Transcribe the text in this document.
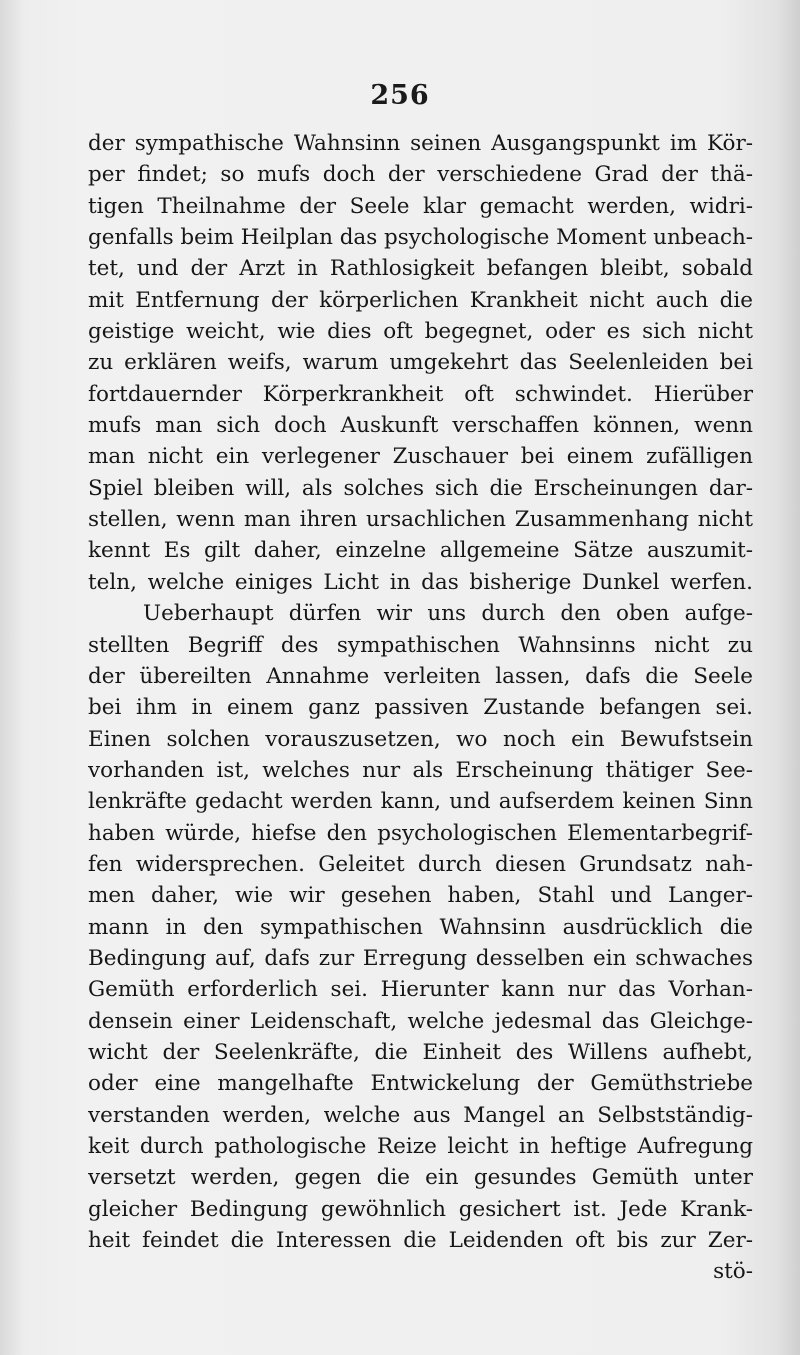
256
der sympathische Wahnsinn seinen Ausgangspunkt im Kör-
per findet; so mufs doch der verschiedene Grad der thä-
tigen Theilnahme der Seele klar gemacht werden, widri-
genfalls beim Heilplan das psychologische Moment unbeach-
tet, und der Arzt in Rathlosigkeit befangen bleibt, sobald
mit Entfernung der körperlichen Krankheit nicht auch die
geistige weicht, wie dies oft begegnet, oder es sich nicht
zu erklären weifs, warum umgekehrt das Seelenleiden bei
fortdauernder Körperkrankheit oft schwindet. Hierüber
mufs man sich doch Auskunft verschaffen können, wenn
man nicht ein verlegener Zuschauer bei einem zufälligen
Spiel bleiben will, als solches sich die Erscheinungen dar-
stellen, wenn man ihren ursachlichen Zusammenhang nicht
kennt Es gilt daher, einzelne allgemeine Sätze auszumit-
teln, welche einiges Licht in das bisherige Dunkel werfen.
Ueberhaupt dürfen wir uns durch den oben aufge-
stellten Begriff des sympathischen Wahnsinns nicht zu
der übereilten Annahme verleiten lassen, dafs die Seele
bei ihm in einem ganz passiven Zustande befangen sei.
Einen solchen vorauszusetzen, wo noch ein Bewufstsein
vorhanden ist, welches nur als Erscheinung thätiger See-
lenkräfte gedacht werden kann, und aufserdem keinen Sinn
haben würde, hiefse den psychologischen Elementarbegrif-
fen widersprechen. Geleitet durch diesen Grundsatz nah-
men daher, wie wir gesehen haben, Stahl und Langer-
mann in den sympathischen Wahnsinn ausdrücklich die
Bedingung auf, dafs zur Erregung desselben ein schwaches
Gemüth erforderlich sei. Hierunter kann nur das Vorhan-
densein einer Leidenschaft, welche jedesmal das Gleichge-
wicht der Seelenkräfte, die Einheit des Willens aufhebt,
oder eine mangelhafte Entwickelung der Gemüthstriebe
verstanden werden, welche aus Mangel an Selbstständig-
keit durch pathologische Reize leicht in heftige Aufregung
versetzt werden, gegen die ein gesundes Gemüth unter
gleicher Bedingung gewöhnlich gesichert ist. Jede Krank-
heit feindet die Interessen die Leidenden oft bis zur Zer-
stö-
